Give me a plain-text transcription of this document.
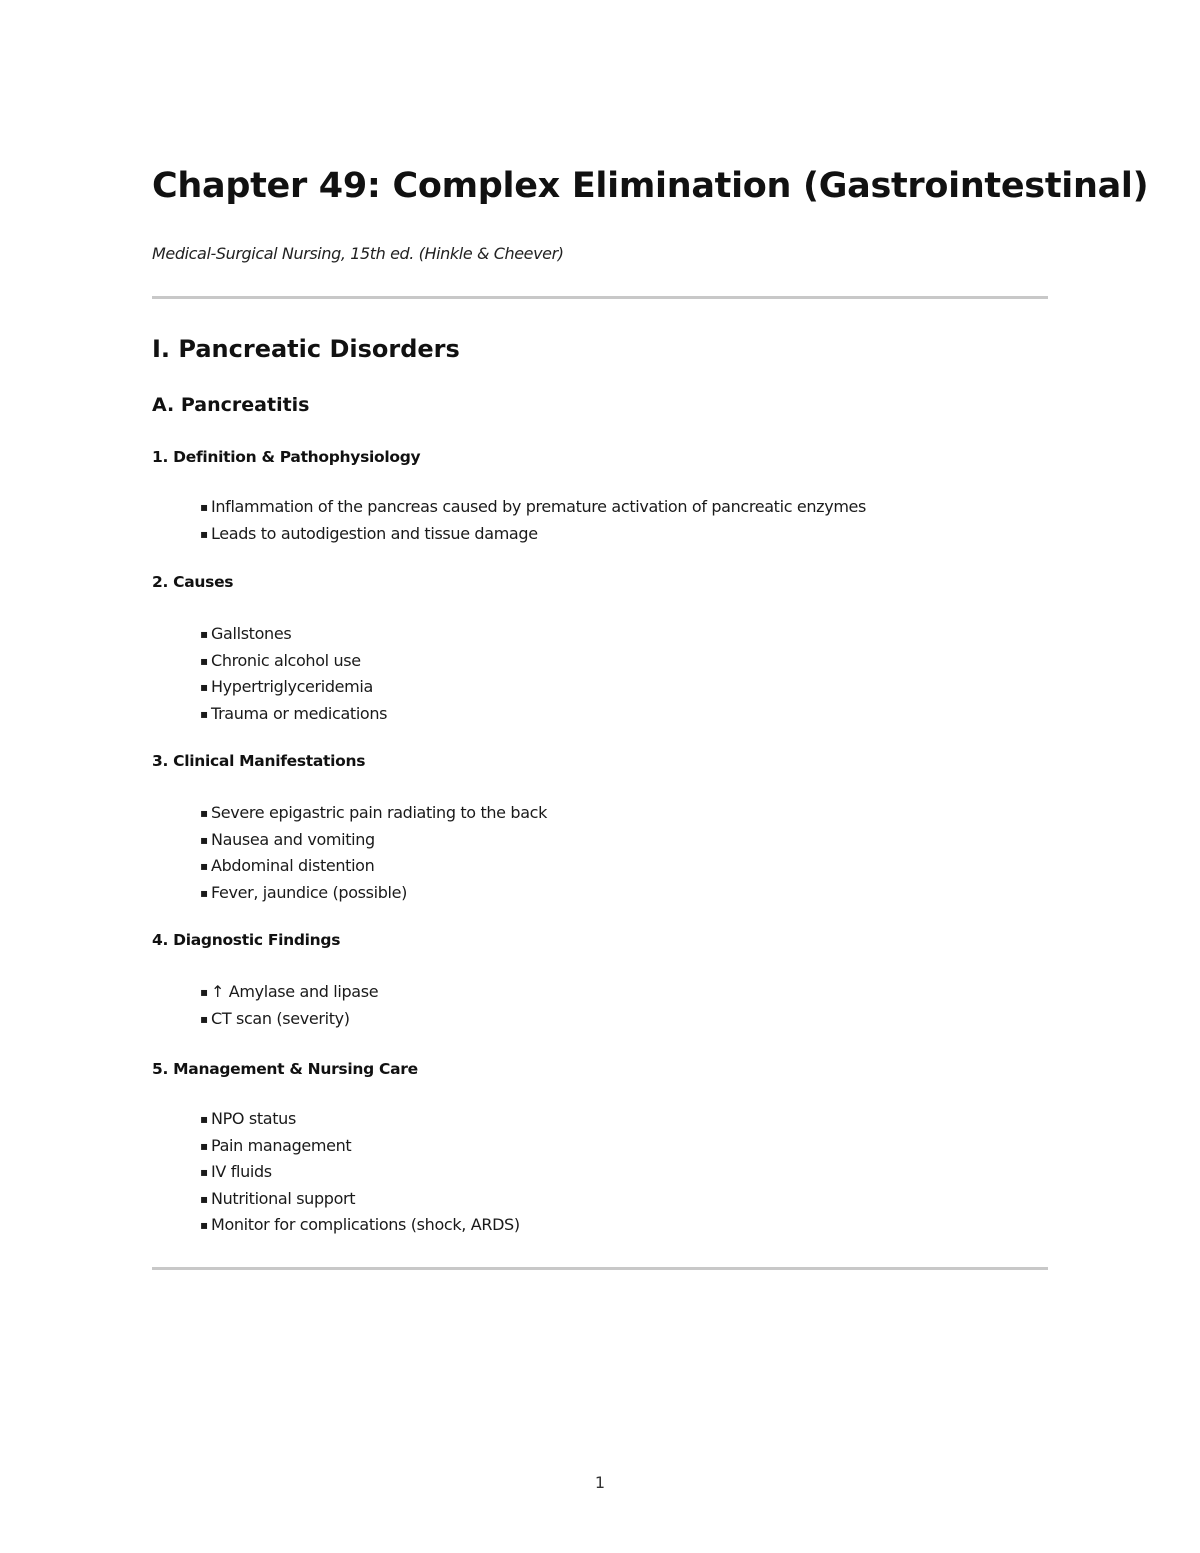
Chapter 49: Complex Elimination (Gastrointestinal)

Medical-Surgical Nursing, 15th ed. (Hinkle & Cheever)

I. Pancreatic Disorders
A. Pancreatitis
1. Definition & Pathophysiology
▪ Inflammation of the pancreas caused by premature activation of pancreatic enzymes
▪ Leads to autodigestion and tissue damage
2. Causes
▪ Gallstones
▪ Chronic alcohol use
▪ Hypertriglyceridemia
▪ Trauma or medications
3. Clinical Manifestations
▪ Severe epigastric pain radiating to the back
▪ Nausea and vomiting
▪ Abdominal distention
▪ Fever, jaundice (possible)
4. Diagnostic Findings
▪ ↑ Amylase and lipase
▪ CT scan (severity)
5. Management & Nursing Care
▪ NPO status
▪ Pain management
▪ IV fluids
▪ Nutritional support
▪ Monitor for complications (shock, ARDS)
1
